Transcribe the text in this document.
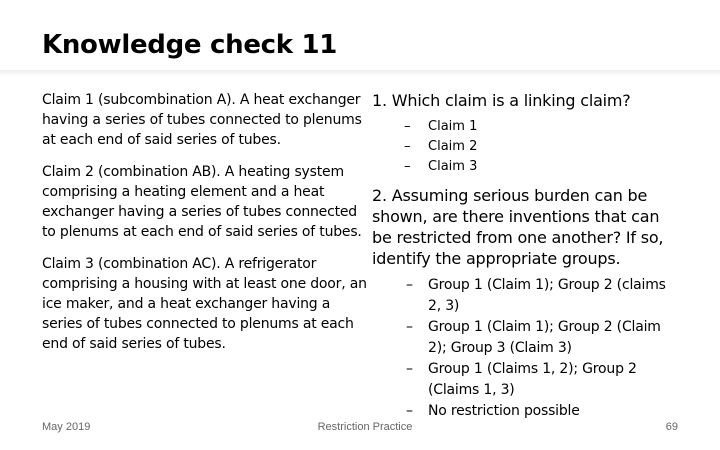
Knowledge check 11

Claim 1 (subcombination A). A heat exchanger having a series of tubes connected to plenums at each end of said series of tubes.

Claim 2 (combination AB). A heating system comprising a heating element and a heat exchanger having a series of tubes connected to plenums at each end of said series of tubes.

Claim 3 (combination AC). A refrigerator comprising a housing with at least one door, an ice maker, and a heat exchanger having a series of tubes connected to plenums at each end of said series of tubes.

1. Which claim is a linking claim?

– Claim 1
– Claim 2
– Claim 3

2. Assuming serious burden can be shown, are there inventions that can be restricted from one another? If so, identify the appropriate groups.

– Group 1 (Claim 1); Group 2 (claims 2, 3)
– Group 1 (Claim 1); Group 2 (Claim 2); Group 3 (Claim 3)
– Group 1 (Claims 1, 2); Group 2 (Claims 1, 3)
– No restriction possible
May 2019	Restriction Practice	69
